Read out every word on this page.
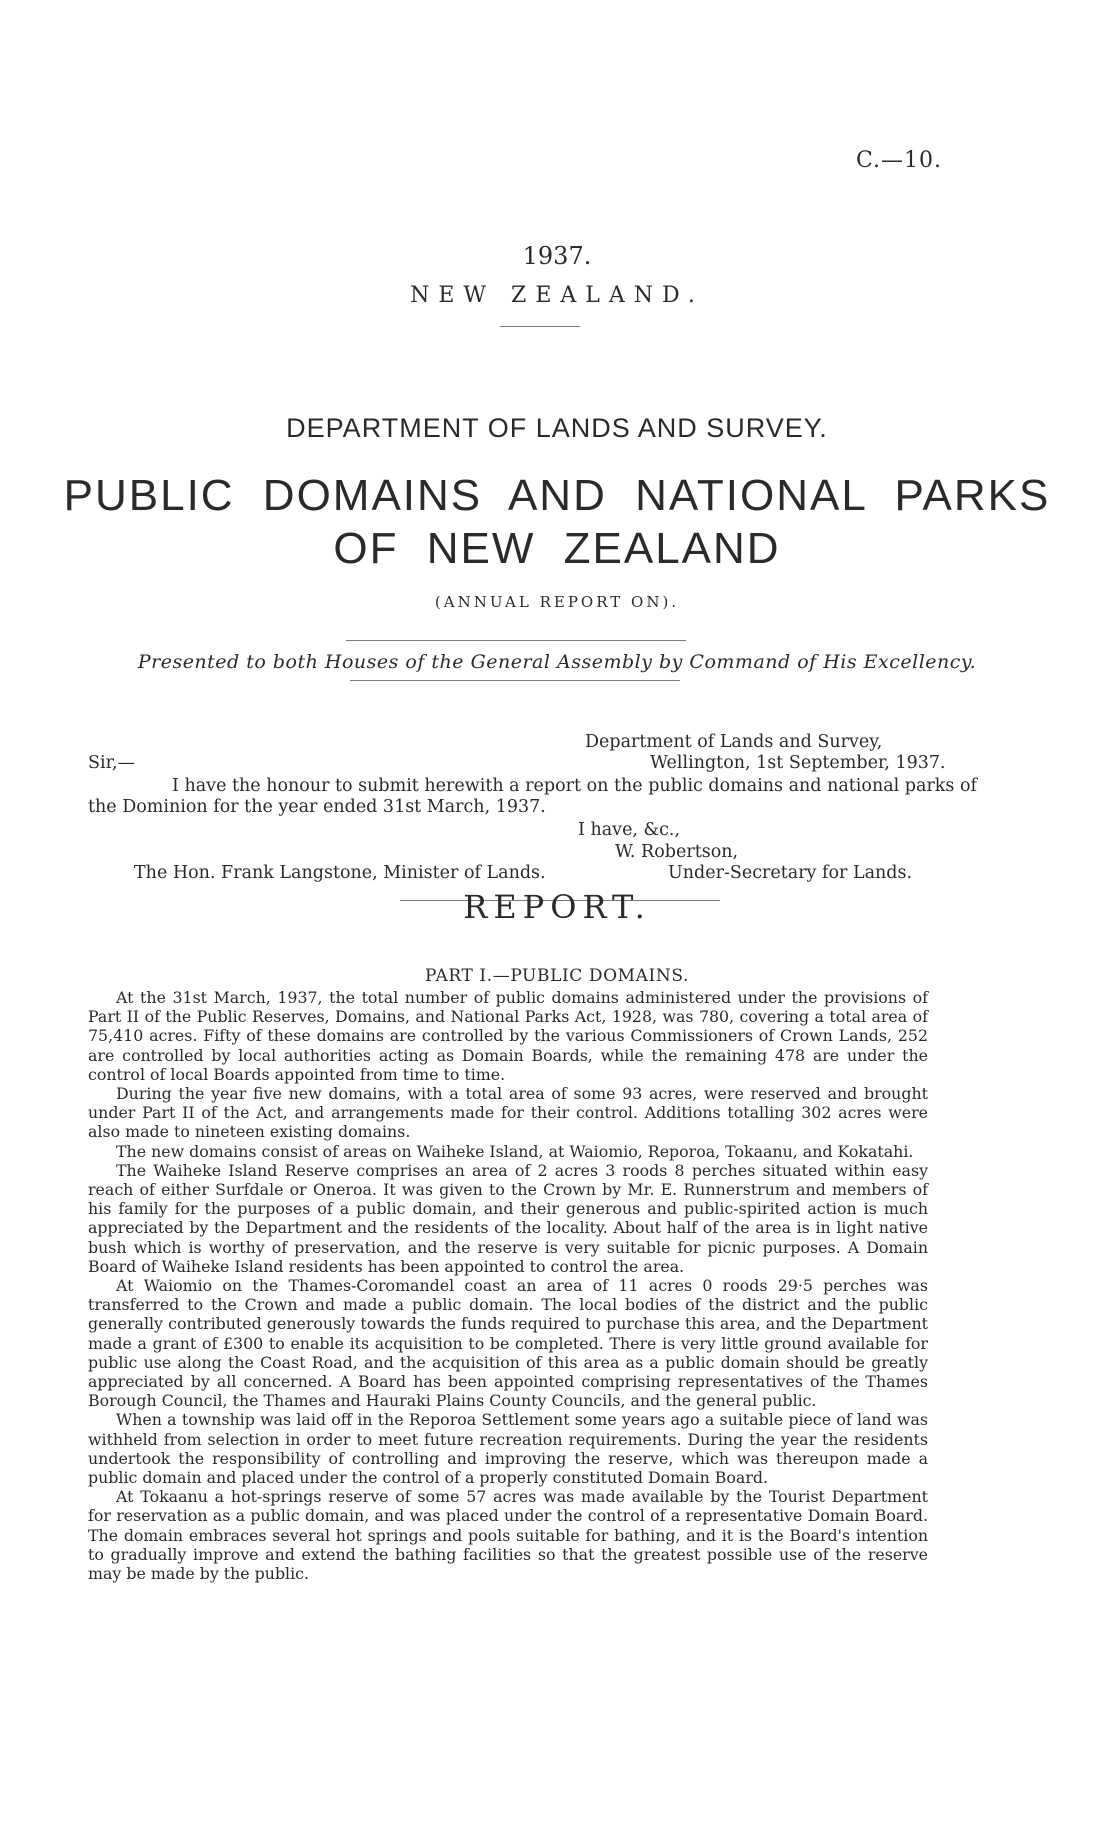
C.—10.
1937.
NEW ZEALAND.
DEPARTMENT OF LANDS AND SURVEY.
PUBLIC DOMAINS AND NATIONAL PARKS
OF NEW ZEALAND
(ANNUAL REPORT ON).
Presented to both Houses of the General Assembly by Command of His Excellency.
Department of Lands and Survey,
Wellington, 1st September, 1937.
Sir,—
I have the honour to submit herewith a report on the public domains and national parks of
the Dominion for the year ended 31st March, 1937.
I have, &c.,
W. Robertson,
The Hon. Frank Langstone, Minister of Lands.	Under-Secretary for Lands.
REPORT.
PART I.—PUBLIC DOMAINS.

At the 31st March, 1937, the total number of public domains administered under the provisions of Part II of the Public Reserves, Domains, and National Parks Act, 1928, was 780, covering a total area of 75,410 acres. Fifty of these domains are controlled by the various Commissioners of Crown Lands, 252 are controlled by local authorities acting as Domain Boards, while the remaining 478 are under the control of local Boards appointed from time to time.

During the year five new domains, with a total area of some 93 acres, were reserved and brought under Part II of the Act, and arrangements made for their control. Additions totalling 302 acres were also made to nineteen existing domains.

The new domains consist of areas on Waiheke Island, at Waiomio, Reporoa, Tokaanu, and Kokatahi.

The Waiheke Island Reserve comprises an area of 2 acres 3 roods 8 perches situated within easy reach of either Surfdale or Oneroa. It was given to the Crown by Mr. E. Runnerstrum and members of his family for the purposes of a public domain, and their generous and public-spirited action is much appreciated by the Department and the residents of the locality. About half of the area is in light native bush which is worthy of preservation, and the reserve is very suitable for picnic purposes. A Domain Board of Waiheke Island residents has been appointed to control the area.

At Waiomio on the Thames-Coromandel coast an area of 11 acres 0 roods 29·5 perches was transferred to the Crown and made a public domain. The local bodies of the district and the public generally contributed generously towards the funds required to purchase this area, and the Department made a grant of £300 to enable its acquisition to be completed. There is very little ground available for public use along the Coast Road, and the acquisition of this area as a public domain should be greatly appreciated by all concerned. A Board has been appointed comprising representatives of the Thames Borough Council, the Thames and Hauraki Plains County Councils, and the general public.

When a township was laid off in the Reporoa Settlement some years ago a suitable piece of land was withheld from selection in order to meet future recreation requirements. During the year the residents undertook the responsibility of controlling and improving the reserve, which was thereupon made a public domain and placed under the control of a properly constituted Domain Board.

At Tokaanu a hot-springs reserve of some 57 acres was made available by the Tourist Department for reservation as a public domain, and was placed under the control of a representative Domain Board. The domain embraces several hot springs and pools suitable for bathing, and it is the Board's intention to gradually improve and extend the bathing facilities so that the greatest possible use of the reserve may be made by the public.
